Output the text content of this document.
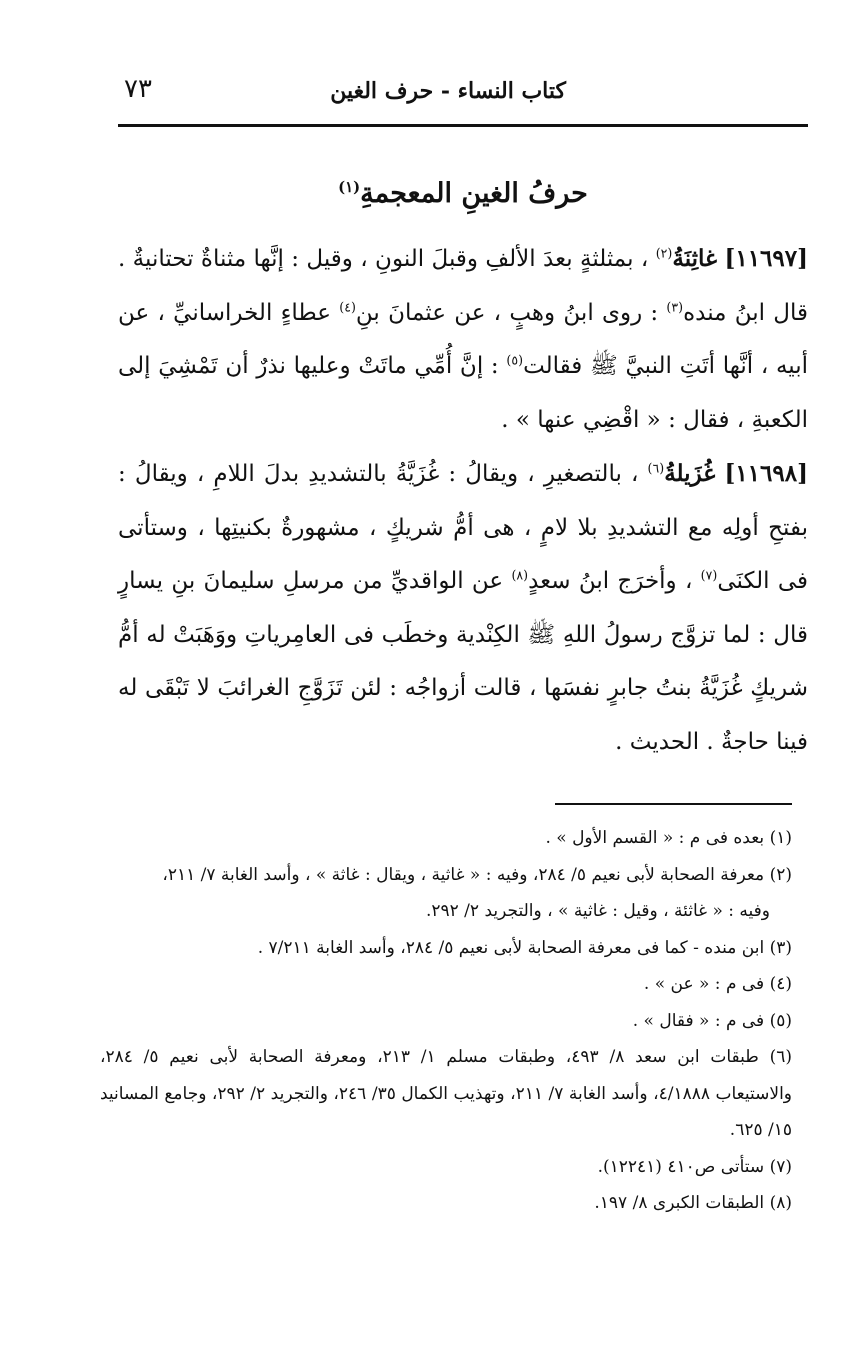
كتاب النساء - حرف الغين
٧٣
حرفُ الغينِ المعجمةِ$^{(١)}$

[١١٦٩٧] غاثِنَةُ$^{(٢)}$ ، بمثلثةٍ بعدَ الألفِ وقبلَ النونِ ، وقيل : إنَّها مثناةٌ تحتانيةٌ . قال ابنُ منده$^{(٣)}$ : روى ابنُ وهبٍ ، عن عثمانَ بنِ$^{(٤)}$ عطاءٍ الخراسانيِّ ، عن أبيه ، أنَّها أتَتِ النبيَّ ﷺ فقالت$^{(٥)}$ : إنَّ أُمِّي ماتَتْ وعليها نذرٌ أن تَمْشِيَ إلى الكعبةِ ، فقال : « اقْضِي عنها » .

[١١٦٩٨] غُزَيلةُ$^{(٦)}$ ، بالتصغيرِ ، ويقالُ : غُزَيَّةُ بالتشديدِ بدلَ اللامِ ، ويقالُ : بفتحِ أولِه مع التشديدِ بلا لامٍ ، هى أمُّ شريكٍ ، مشهورةٌ بكنيتِها ، وستأتى فى الكنَى$^{(٧)}$ ، وأخرَج ابنُ سعدٍ$^{(٨)}$ عن الواقديِّ من مرسلِ سليمانَ بنِ يسارٍ قال : لما تزوَّج رسولُ اللهِ ﷺ الكِنْدية وخطَب فى العامِرياتِ ووَهَبَتْ له أمُّ شريكٍ غُزَيَّةُ بنتُ جابرٍ نفسَها ، قالت أزواجُه : لئن تَزَوَّجِ الغرائبَ لا تَبْقَى له فينا حاجةٌ . الحديث .

(١) بعده فى م : « القسم الأول » .

(٢) معرفة الصحابة لأبى نعيم ٥/ ٢٨٤، وفيه : « غاثية ، ويقال : غاثة » ، وأسد الغابة ٧/ ٢١١،

وفيه : « غاثئة ، وقيل : غاثية » ، والتجريد ٢/ ٢٩٢.

(٣) ابن منده - كما فى معرفة الصحابة لأبى نعيم ٥/ ٢٨٤، وأسد الغابة ٧/٢١١ .

(٤) فى م : « عن » .

(٥) فى م : « فقال » .

(٦) طبقات ابن سعد ٨/ ٤٩٣، وطبقات مسلم ١/ ٢١٣، ومعرفة الصحابة لأبى نعيم ٥/ ٢٨٤، والاستيعاب ٤/١٨٨٨، وأسد الغابة ٧/ ٢١١، وتهذيب الكمال ٣٥/ ٢٤٦، والتجريد ٢/ ٢٩٢، وجامع المسانيد ١٥/ ٦٢٥.

(٧) ستأتى ص٤١٠ (١٢٢٤١).

(٨) الطبقات الكبرى ٨/ ١٩٧.
